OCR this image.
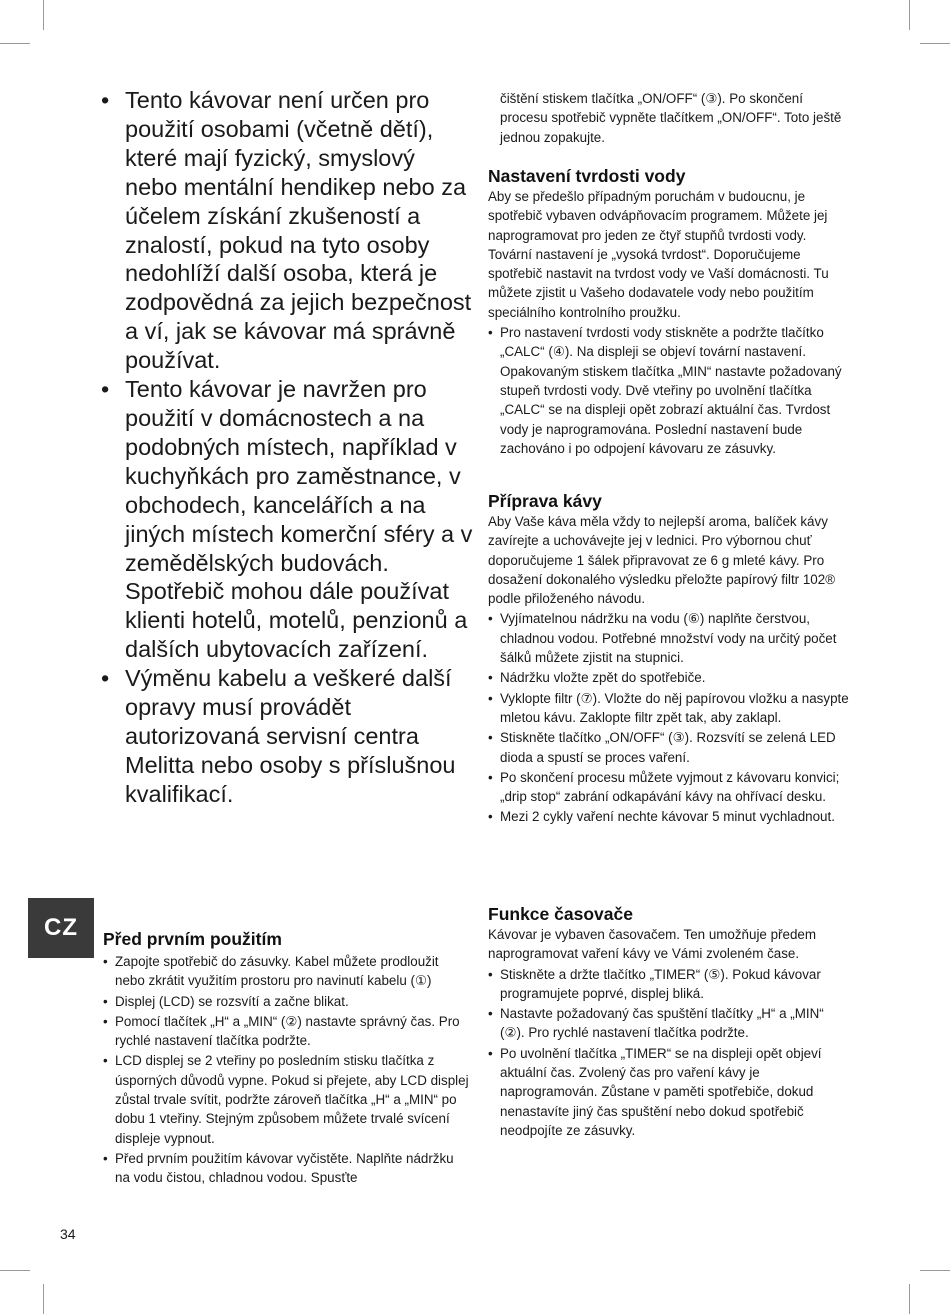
• Tento kávovar není určen pro použití osobami (včetně dětí), které mají fyzický, smyslový nebo mentální hendikep nebo za účelem získání zkušeností a znalostí, pokud na tyto osoby nedohlíží další osoba, která je zodpovědná za jejich bezpečnost a ví, jak se kávovar má správně používat.
• Tento kávovar je navržen pro použití v domácnostech a na podobných místech, například v kuchyňkách pro zaměstnance, v obchodech, kancelářích a na jiných místech komerční sféry a v zemědělských budovách. Spotřebič mohou dále používat klienti hotelů, motelů, penzionů a dalších ubytovacích zařízení.
• Výměnu kabelu a veškeré další opravy musí provádět autorizovaná servisní centra Melitta nebo osoby s příslušnou kvalifikací.
CZ	Před prvním použitím
• Zapojte spotřebič do zásuvky. Kabel můžete prodloužit nebo zkrátit využitím prostoru pro navinutí kabelu (①)
• Displej (LCD) se rozsvítí a začne blikat.
• Pomocí tlačítek „H“ a „MIN“ (②) nastavte správný čas. Pro rychlé nastavení tlačítka podržte.
• LCD displej se 2 vteřiny po posledním stisku tlačítka z úsporných důvodů vypne. Pokud si přejete, aby LCD displej zůstal trvale svítit, podržte zároveň tlačítka „H“ a „MIN“ po dobu 1 vteřiny. Stejným způsobem můžete trvalé svícení displeje vypnout.
• Před prvním použitím kávovar vyčistěte. Naplňte nádržku na vodu čistou, chladnou vodou. Spusťte

čištění stiskem tlačítka „ON/OFF“ (③). Po skončení procesu spotřebič vypněte tlačítkem „ON/OFF“. Toto ještě jednou zopakujte.

Nastavení tvrdosti vody

Aby se předešlo případným poruchám v budoucnu, je spotřebič vybaven odvápňovacím programem. Můžete jej naprogramovat pro jeden ze čtyř stupňů tvrdosti vody. Tovární nastavení je „vysoká tvrdost“. Doporučujeme spotřebič nastavit na tvrdost vody ve Vaší domácnosti. Tu můžete zjistit u Vašeho dodavatele vody nebo použitím speciálního kontrolního proužku.

• Pro nastavení tvrdosti vody stiskněte a podržte tlačítko „CALC“ (④). Na displeji se objeví tovární nastavení. Opakovaným stiskem tlačítka „MIN“ nastavte požadovaný stupeň tvrdosti vody. Dvě vteřiny po uvolnění tlačítka „CALC“ se na displeji opět zobrazí aktuální čas. Tvrdost vody je naprogramována. Poslední nastavení bude zachováno i po odpojení kávovaru ze zásuvky.
Příprava kávy

Aby Vaše káva měla vždy to nejlepší aroma, balíček kávy zavírejte a uchovávejte jej v lednici. Pro výbornou chuť doporučujeme 1 šálek připravovat ze 6 g mleté kávy. Pro dosažení dokonalého výsledku přeložte papírový filtr 102® podle přiloženého návodu.

• Vyjímatelnou nádržku na vodu (⑥) naplňte čerstvou, chladnou vodou. Potřebné množství vody na určitý počet šálků můžete zjistit na stupnici.
• Nádržku vložte zpět do spotřebiče.
• Vyklopte filtr (⑦). Vložte do něj papírovou vložku a nasypte mletou kávu. Zaklopte filtr zpět tak, aby zaklapl.
• Stiskněte tlačítko „ON/OFF“ (③). Rozsvítí se zelená LED dioda a spustí se proces vaření.
• Po skončení procesu můžete vyjmout z kávovaru konvici; „drip stop“ zabrání odkapávání kávy na ohřívací desku.
• Mezi 2 cykly vaření nechte kávovar 5 minut vychladnout.
Funkce časovače

Kávovar je vybaven časovačem. Ten umožňuje předem naprogramovat vaření kávy ve Vámi zvoleném čase.

• Stiskněte a držte tlačítko „TIMER“ (⑤). Pokud kávovar programujete poprvé, displej bliká.
• Nastavte požadovaný čas spuštění tlačítky „H“ a „MIN“ (②). Pro rychlé nastavení tlačítka podržte.
• Po uvolnění tlačítka „TIMER“ se na displeji opět objeví aktuální čas. Zvolený čas pro vaření kávy je naprogramován. Zůstane v paměti spotřebiče, dokud nenastavíte jiný čas spuštění nebo dokud spotřebič neodpojíte ze zásuvky.
34
